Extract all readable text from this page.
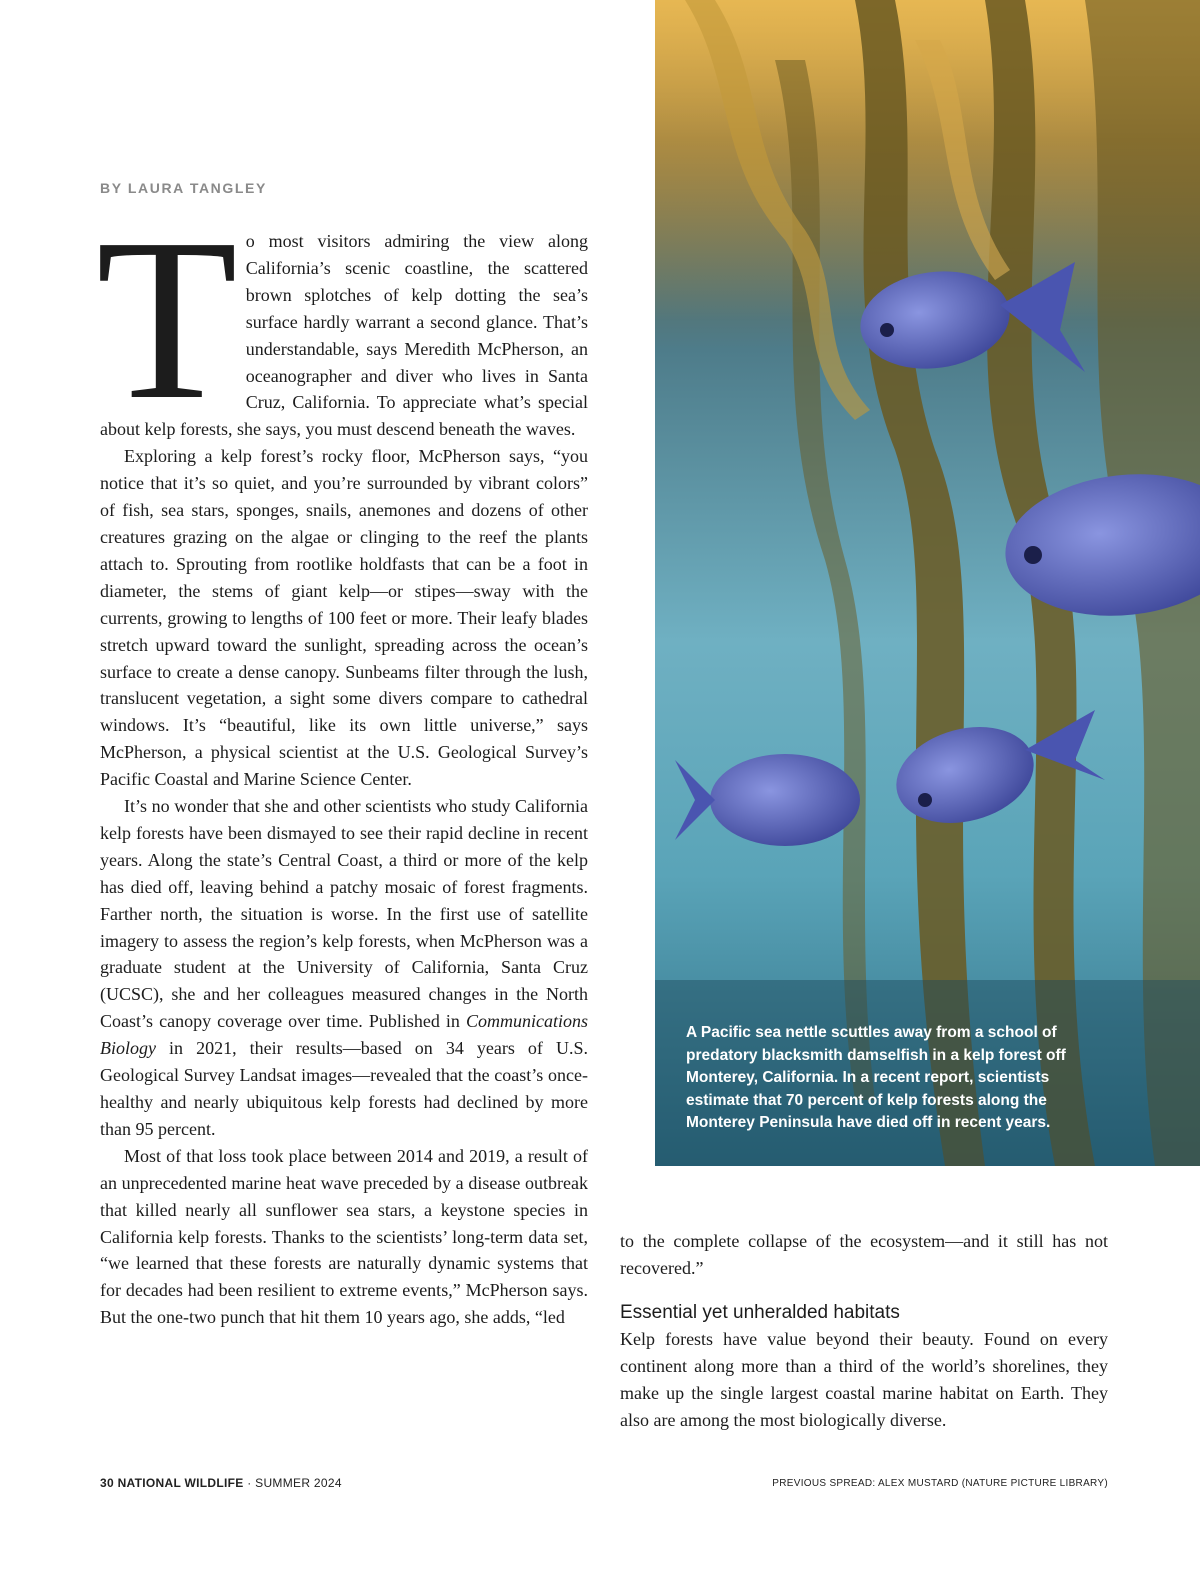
BY LAURA TANGLEY

To most visitors admiring the view along California’s scenic coastline, the scattered brown splotches of kelp dotting the sea’s surface hardly warrant a second glance. That’s understandable, says Meredith McPherson, an oceanographer and diver who lives in Santa Cruz, California. To appreciate what’s special about kelp forests, she says, you must descend beneath the waves.

Exploring a kelp forest’s rocky floor, McPherson says, “you notice that it’s so quiet, and you’re surrounded by vibrant colors” of fish, sea stars, sponges, snails, anemones and dozens of other creatures grazing on the algae or clinging to the reef the plants attach to. Sprouting from rootlike holdfasts that can be a foot in diameter, the stems of giant kelp—or stipes—sway with the currents, growing to lengths of 100 feet or more. Their leafy blades stretch upward toward the sunlight, spreading across the ocean’s surface to create a dense canopy. Sunbeams filter through the lush, translucent vegetation, a sight some divers compare to cathedral windows. It’s “beautiful, like its own little universe,” says McPherson, a physical scientist at the U.S. Geological Survey’s Pacific Coastal and Marine Science Center.

It’s no wonder that she and other scientists who study California kelp forests have been dismayed to see their rapid decline in recent years. Along the state’s Central Coast, a third or more of the kelp has died off, leaving behind a patchy mosaic of forest fragments. Farther north, the situation is worse. In the first use of satellite imagery to assess the region’s kelp forests, when McPherson was a graduate student at the University of California, Santa Cruz (UCSC), she and her colleagues measured changes in the North Coast’s canopy coverage over time. Published in Communications Biology in 2021, their results—based on 34 years of U.S. Geological Survey Landsat images—revealed that the coast’s once-healthy and nearly ubiquitous kelp forests had declined by more than 95 percent.

Most of that loss took place between 2014 and 2019, a result of an unprecedented marine heat wave preceded by a disease outbreak that killed nearly all sunflower sea stars, a keystone species in California kelp forests. Thanks to the scientists’ long-term data set, “we learned that these forests are naturally dynamic systems that for decades had been resilient to extreme events,” McPherson says. But the one-two punch that hit them 10 years ago, she adds, “led

A Pacific sea nettle scuttles away from a school of predatory blacksmith damselfish in a kelp forest off Monterey, California. In a recent report, scientists estimate that 70 percent of kelp forests along the Monterey Peninsula have died off in recent years.

to the complete collapse of the ecosystem—and it still has not recovered.”

Essential yet unheralded habitats

Kelp forests have value beyond their beauty. Found on every continent along more than a third of the world’s shorelines, they make up the single largest coastal marine habitat on Earth. They also are among the most biologically diverse.

30 NATIONAL WILDLIFE · SUMMER 2024	PREVIOUS SPREAD: ALEX MUSTARD (NATURE PICTURE LIBRARY)
